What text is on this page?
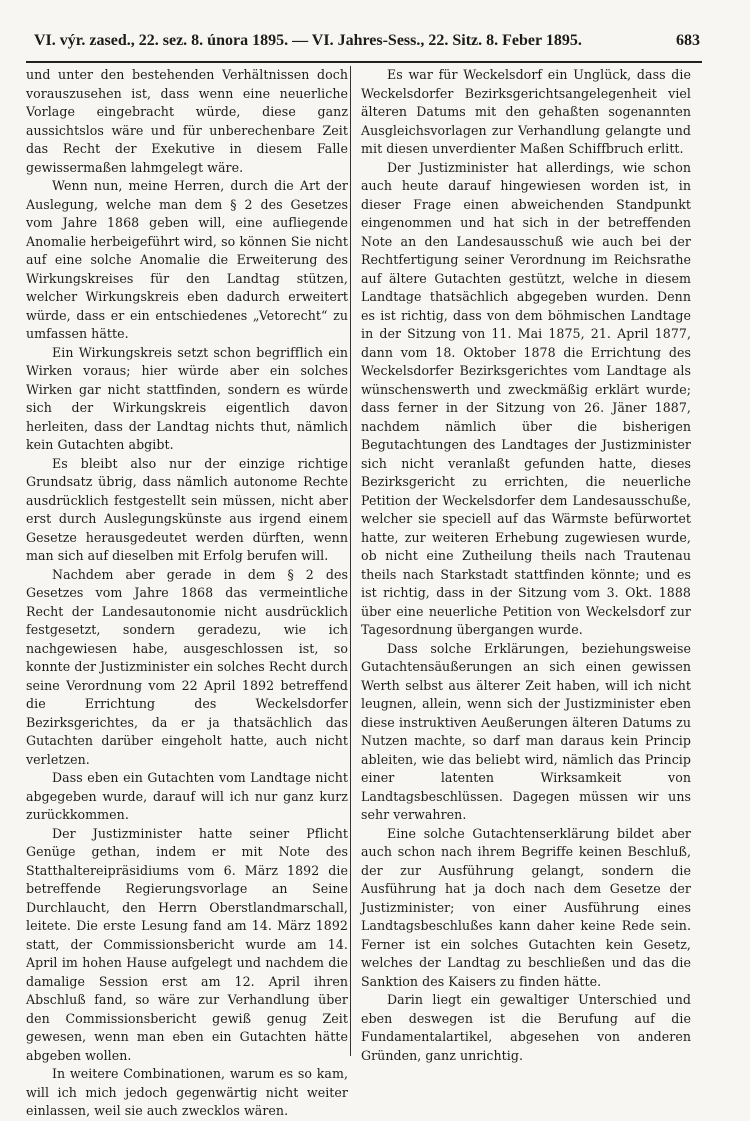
VI. výr. zased., 22. sez. 8. února 1895. — VI. Jahres-Sess., 22. Sitz. 8. Feber 1895.	683

und unter den bestehenden Verhältnissen doch vorauszusehen ist, dass wenn eine neuerliche Vorlage eingebracht würde, diese ganz aussichtslos wäre und für unberechenbare Zeit das Recht der Exekutive in diesem Falle gewissermaßen lahmgelegt wäre.

Wenn nun, meine Herren, durch die Art der Auslegung, welche man dem § 2 des Gesetzes vom Jahre 1868 geben will, eine aufliegende Anomalie herbeigeführt wird, so können Sie nicht auf eine solche Anomalie die Erweiterung des Wirkungskreises für den Landtag stützen, welcher Wirkungskreis eben dadurch erweitert würde, dass er ein entschiedenes „Vetorecht“ zu umfassen hätte.

Ein Wirkungskreis setzt schon begrifflich ein Wirken voraus; hier würde aber ein solches Wirken gar nicht stattfinden, sondern es würde sich der Wirkungskreis eigentlich davon herleiten, dass der Landtag nichts thut, nämlich kein Gutachten abgibt.

Es bleibt also nur der einzige richtige Grundsatz übrig, dass nämlich autonome Rechte ausdrücklich festgestellt sein müssen, nicht aber erst durch Auslegungskünste aus irgend einem Gesetze herausgedeutet werden dürften, wenn man sich auf dieselben mit Erfolg berufen will.

Nachdem aber gerade in dem § 2 des Gesetzes vom Jahre 1868 das vermeintliche Recht der Landesautonomie nicht ausdrücklich festgesetzt, sondern geradezu, wie ich nachgewiesen habe, ausgeschlossen ist, so konnte der Justizminister ein solches Recht durch seine Verordnung vom 22 April 1892 betreffend die Errichtung des Weckelsdorfer Bezirksgerichtes, da er ja thatsächlich das Gutachten darüber eingeholt hatte, auch nicht verletzen.

Dass eben ein Gutachten vom Landtage nicht abgegeben wurde, darauf will ich nur ganz kurz zurückkommen.

Der Justizminister hatte seiner Pflicht Genüge gethan, indem er mit Note des Statthaltereipräsidiums vom 6. März 1892 die betreffende Regierungsvorlage an Seine Durchlaucht, den Herrn Oberstlandmarschall, leitete. Die erste Lesung fand am 14. März 1892 statt, der Commissionsbericht wurde am 14. April im hohen Hause aufgelegt und nachdem die damalige Session erst am 12. April ihren Abschluß fand, so wäre zur Verhandlung über den Commissionsbericht gewiß genug Zeit gewesen, wenn man eben ein Gutachten hätte abgeben wollen.

In weitere Combinationen, warum es so kam, will ich mich jedoch gegenwärtig nicht weiter einlassen, weil sie auch zwecklos wären.

Es war für Weckelsdorf ein Unglück, dass die Weckelsdorfer Bezirksgerichtsangelegenheit viel älteren Datums mit den gehaßten sogenannten Ausgleichsvorlagen zur Verhandlung gelangte und mit diesen unverdienter Maßen Schiffbruch erlitt.

Der Justizminister hat allerdings, wie schon auch heute darauf hingewiesen worden ist, in dieser Frage einen abweichenden Standpunkt eingenommen und hat sich in der betreffenden Note an den Landesausschuß wie auch bei der Rechtfertigung seiner Verordnung im Reichsrathe auf ältere Gutachten gestützt, welche in diesem Landtage thatsächlich abgegeben wurden. Denn es ist richtig, dass von dem böhmischen Landtage in der Sitzung von 11. Mai 1875, 21. April 1877, dann vom 18. Oktober 1878 die Errichtung des Weckelsdorfer Bezirksgerichtes vom Landtage als wünschenswerth und zweckmäßig erklärt wurde; dass ferner in der Sitzung von 26. Jäner 1887, nachdem nämlich über die bisherigen Begutachtungen des Landtages der Justizminister sich nicht veranlaßt gefunden hatte, dieses Bezirksgericht zu errichten, die neuerliche Petition der Weckelsdorfer dem Landesausschuße, welcher sie speciell auf das Wärmste befürwortet hatte, zur weiteren Erhebung zugewiesen wurde, ob nicht eine Zutheilung theils nach Trautenau theils nach Starkstadt stattfinden könnte; und es ist richtig, dass in der Sitzung vom 3. Okt. 1888 über eine neuerliche Petition von Weckelsdorf zur Tagesordnung übergangen wurde.

Dass solche Erklärungen, beziehungsweise Gutachtensäußerungen an sich einen gewissen Werth selbst aus älterer Zeit haben, will ich nicht leugnen, allein, wenn sich der Justizminister eben diese instruktiven Aeußerungen älteren Datums zu Nutzen machte, so darf man daraus kein Princip ableiten, wie das beliebt wird, nämlich das Princip einer latenten Wirksamkeit von Landtagsbeschlüssen. Dagegen müssen wir uns sehr verwahren.

Eine solche Gutachtenserklärung bildet aber auch schon nach ihrem Begriffe keinen Beschluß, der zur Ausführung gelangt, sondern die Ausführung hat ja doch nach dem Gesetze der Justizminister; von einer Ausführung eines Landtagsbeschlußes kann daher keine Rede sein. Ferner ist ein solches Gutachten kein Gesetz, welches der Landtag zu beschließen und das die Sanktion des Kaisers zu finden hätte.

Darin liegt ein gewaltiger Unterschied und eben deswegen ist die Berufung auf die Fundamentalartikel, abgesehen von anderen Gründen, ganz unrichtig.
